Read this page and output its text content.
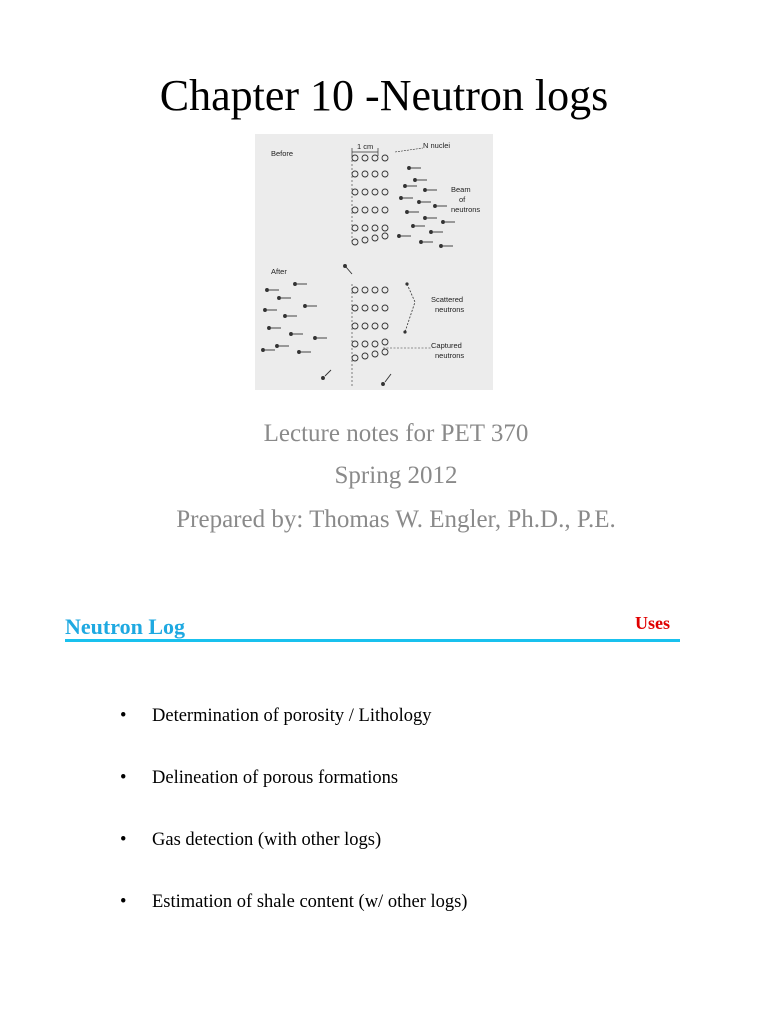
Chapter 10 -Neutron logs
Before
1 cm	N nuclei
Beam
of
neutrons
After
Scattered
neutrons
Captured
neutrons
Lecture notes for PET 370
Spring 2012
Prepared by: Thomas W. Engler, Ph.D., P.E.
Neutron Log	Uses
• Determination of porosity / Lithology
• Delineation of porous formations
• Gas detection (with other logs)
• Estimation of shale content (w/ other logs)
